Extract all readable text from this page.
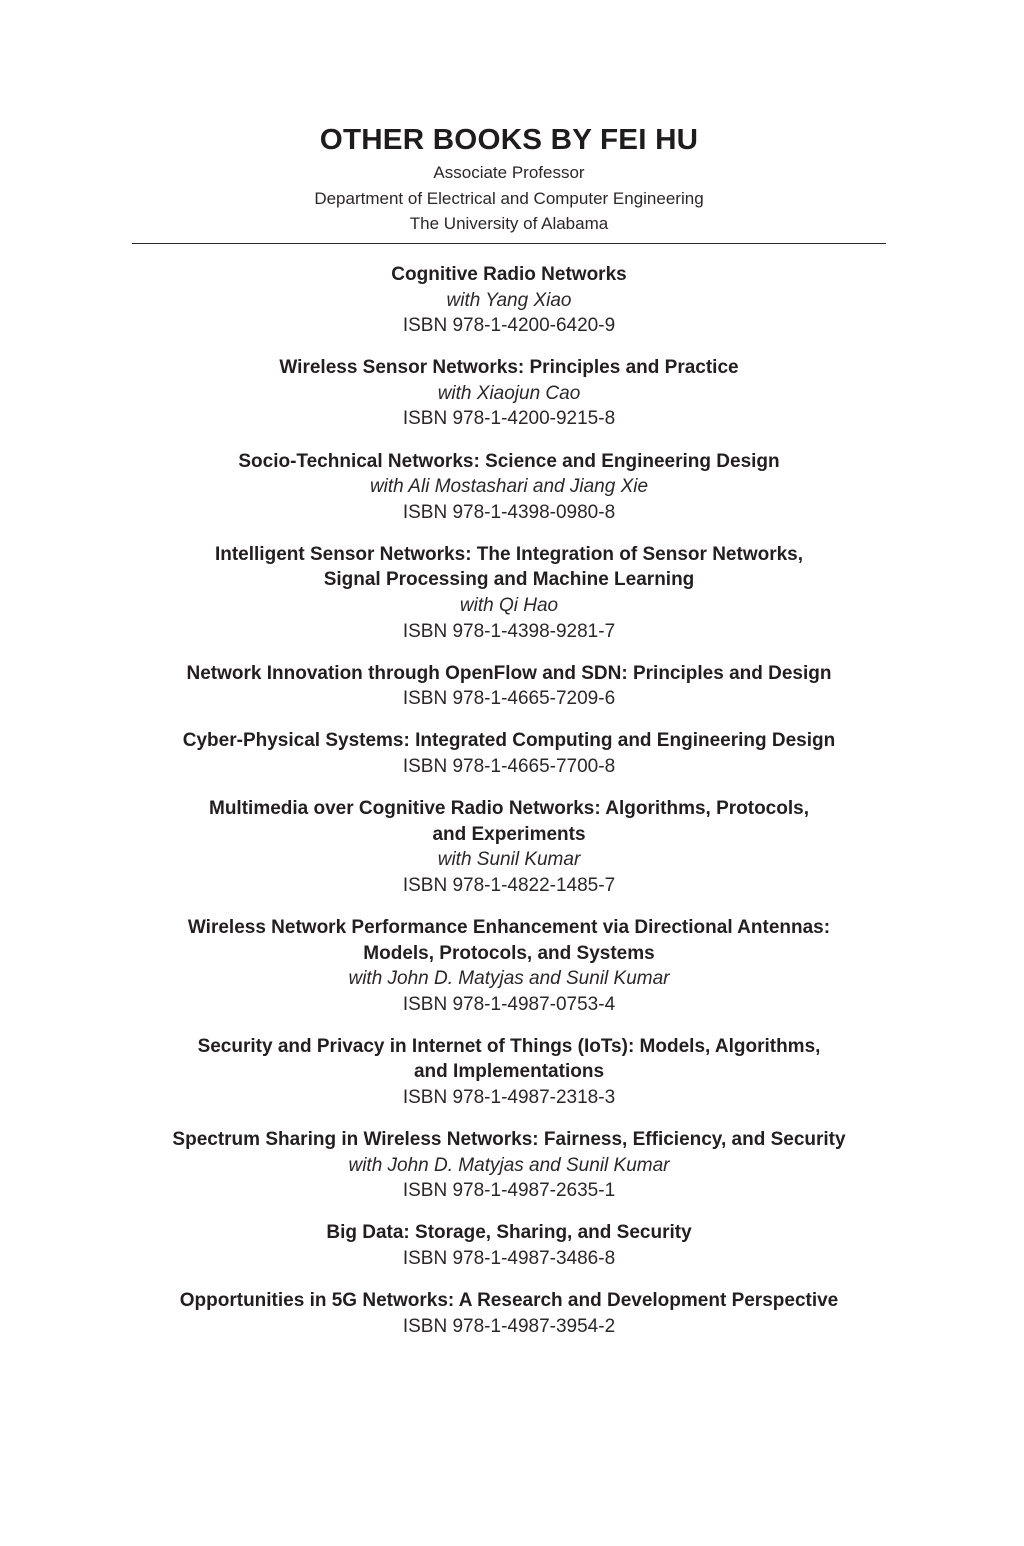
OTHER BOOKS BY FEI HU

Associate Professor

Department of Electrical and Computer Engineering

The University of Alabama

Cognitive Radio Networks

with Yang Xiao

ISBN 978-1-4200-6420-9

Wireless Sensor Networks: Principles and Practice

with Xiaojun Cao

ISBN 978-1-4200-9215-8

Socio-Technical Networks: Science and Engineering Design

with Ali Mostashari and Jiang Xie

ISBN 978-1-4398-0980-8

Intelligent Sensor Networks: The Integration of Sensor Networks,

Signal Processing and Machine Learning

with Qi Hao

ISBN 978-1-4398-9281-7

Network Innovation through OpenFlow and SDN: Principles and Design

ISBN 978-1-4665-7209-6

Cyber-Physical Systems: Integrated Computing and Engineering Design

ISBN 978-1-4665-7700-8

Multimedia over Cognitive Radio Networks: Algorithms, Protocols,

and Experiments

with Sunil Kumar

ISBN 978-1-4822-1485-7

Wireless Network Performance Enhancement via Directional Antennas:

Models, Protocols, and Systems

with John D. Matyjas and Sunil Kumar

ISBN 978-1-4987-0753-4

Security and Privacy in Internet of Things (IoTs): Models, Algorithms,

and Implementations

ISBN 978-1-4987-2318-3

Spectrum Sharing in Wireless Networks: Fairness, Efficiency, and Security

with John D. Matyjas and Sunil Kumar

ISBN 978-1-4987-2635-1

Big Data: Storage, Sharing, and Security

ISBN 978-1-4987-3486-8

Opportunities in 5G Networks: A Research and Development Perspective

ISBN 978-1-4987-3954-2
